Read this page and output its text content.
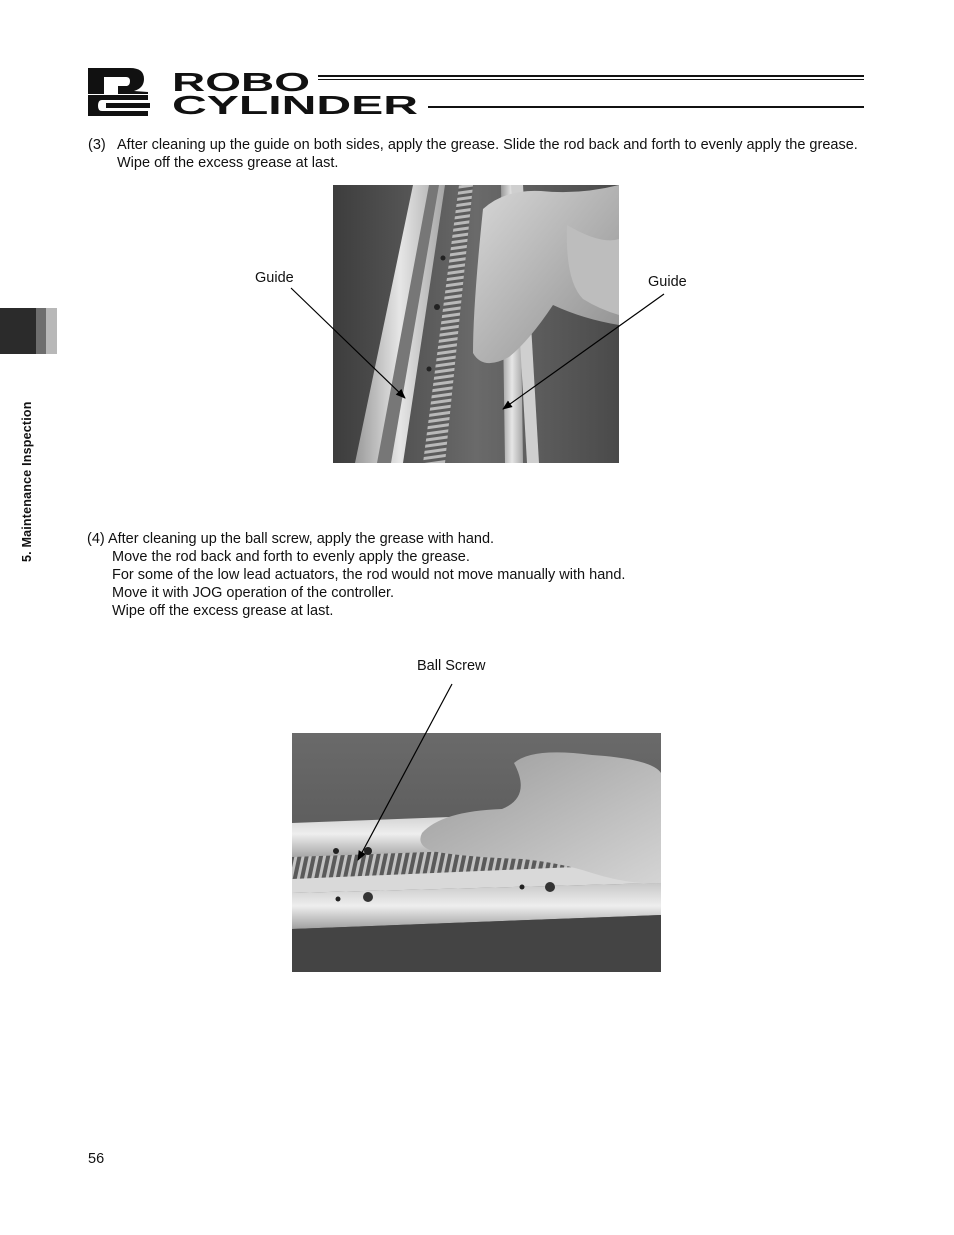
ROBO
CYLINDER
5. Maintenance Inspection
(3) After cleaning up the guide on both sides, apply the grease. Slide the rod back and forth to evenly apply the grease. Wipe off the excess grease at last.
Guide	Guide
Ball Screw
(4) After cleaning up the ball screw, apply the grease with hand.
Move the rod back and forth to evenly apply the grease.
For some of the low lead actuators, the rod would not move manually with hand.
Move it with JOG operation of the controller.
Wipe off the excess grease at last.
56
